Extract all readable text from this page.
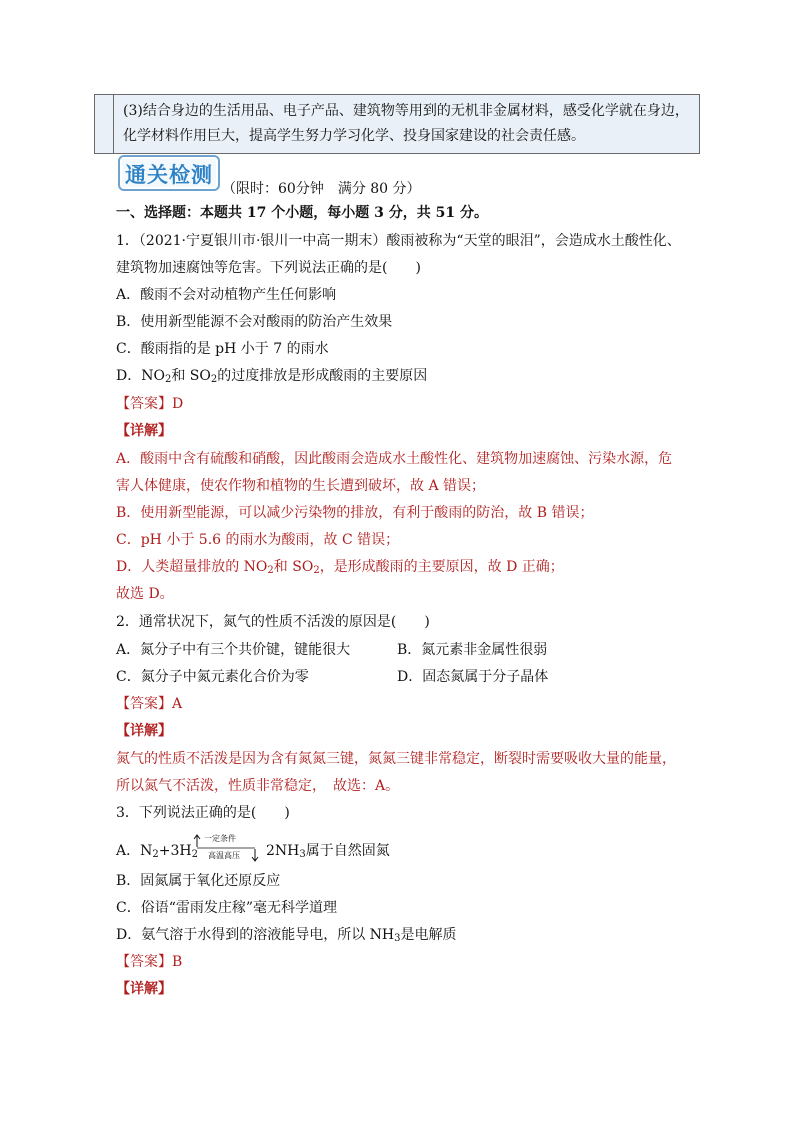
(3)结合身边的生活用品、电子产品、建筑物等用到的无机非金属材料，感受化学就在身边，
化学材料作用巨大，提高学生努力学习化学、投身国家建设的社会责任感。
通关检测
（限时：60分钟　满分 80 分）
一、选择题：本题共 17 个小题，每小题 3 分，共 51 分。
1．（2021·宁夏银川市·银川一中高一期末）酸雨被称为“天堂的眼泪”，会造成水土酸性化、
建筑物加速腐蚀等危害。下列说法正确的是(　　)
A．酸雨不会对动植物产生任何影响
B．使用新型能源不会对酸雨的防治产生效果
C．酸雨指的是 pH 小于 7 的雨水
D．$NO_2$和 $SO_2$的过度排放是形成酸雨的主要原因
【答案】D
【详解】
A．酸雨中含有硫酸和硝酸，因此酸雨会造成水土酸性化、建筑物加速腐蚀、污染水源，危
害人体健康，使农作物和植物的生长遭到破坏，故 A 错误；
B．使用新型能源，可以减少污染物的排放，有利于酸雨的防治，故 B 错误；
C．pH 小于 5.6 的雨水为酸雨，故 C 错误；
D．人类超量排放的 $NO_2$和 $SO_2$，是形成酸雨的主要原因，故 D 正确；
故选 D。
2．通常状况下，氮气的性质不活泼的原因是(　　)
A．氮分子中有三个共价键，键能很大	B．氮元素非金属性很弱
C．氮分子中氮元素化合价为零	D．固态氮属于分子晶体
【答案】A
【详解】
氮气的性质不活泼是因为含有氮氮三键，氮氮三键非常稳定，断裂时需要吸收大量的能量，
所以氮气不活泼，性质非常稳定，　故选：A。
3．下列说法正确的是(　　)
A．$N_2+3H_2$
一定条件
高温高压 $2NH_3$属于自然固氮
B．固氮属于氧化还原反应
C．俗语“雷雨发庄稼”毫无科学道理
D．氨气溶于水得到的溶液能导电，所以 $NH_3$是电解质
【答案】B
【详解】
